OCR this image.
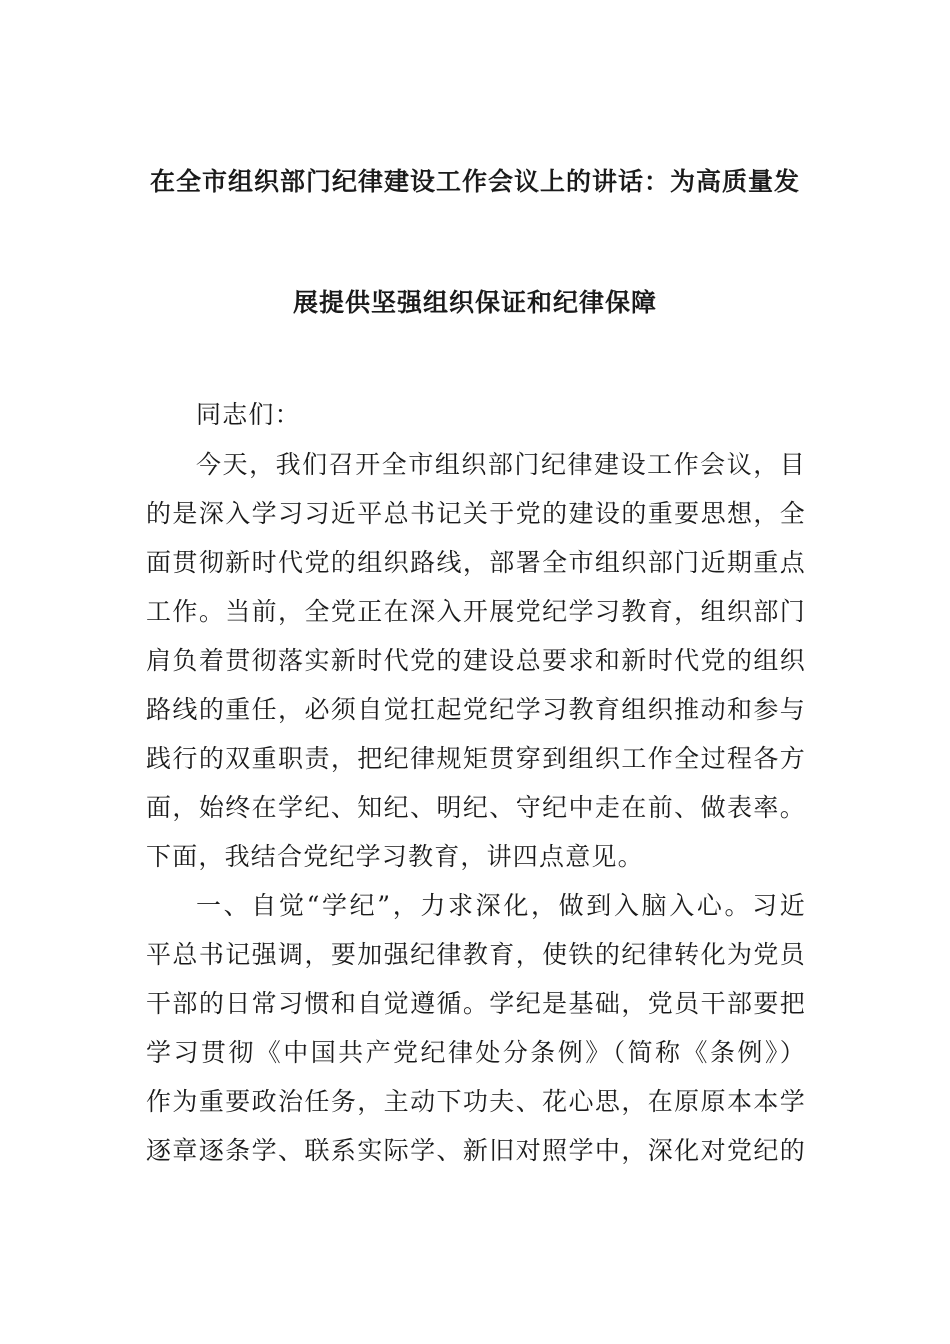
在全市组织部门纪律建设工作会议上的讲话：为高质量发
展提供坚强组织保证和纪律保障
同志们：
今天，我们召开全市组织部门纪律建设工作会议，目
的是深入学习习近平总书记关于党的建设的重要思想，全
面贯彻新时代党的组织路线，部署全市组织部门近期重点
工作。当前，全党正在深入开展党纪学习教育，组织部门
肩负着贯彻落实新时代党的建设总要求和新时代党的组织
路线的重任，必须自觉扛起党纪学习教育组织推动和参与
践行的双重职责，把纪律规矩贯穿到组织工作全过程各方
面，始终在学纪、知纪、明纪、守纪中走在前、做表率。
下面，我结合党纪学习教育，讲四点意见。
一、自觉“学纪”，力求深化，做到入脑入心。习近
平总书记强调，要加强纪律教育，使铁的纪律转化为党员
干部的日常习惯和自觉遵循。学纪是基础，党员干部要把
学习贯彻《中国共产党纪律处分条例》（简称《条例》）
作为重要政治任务，主动下功夫、花心思，在原原本本学
逐章逐条学、联系实际学、新旧对照学中，深化对党纪的
